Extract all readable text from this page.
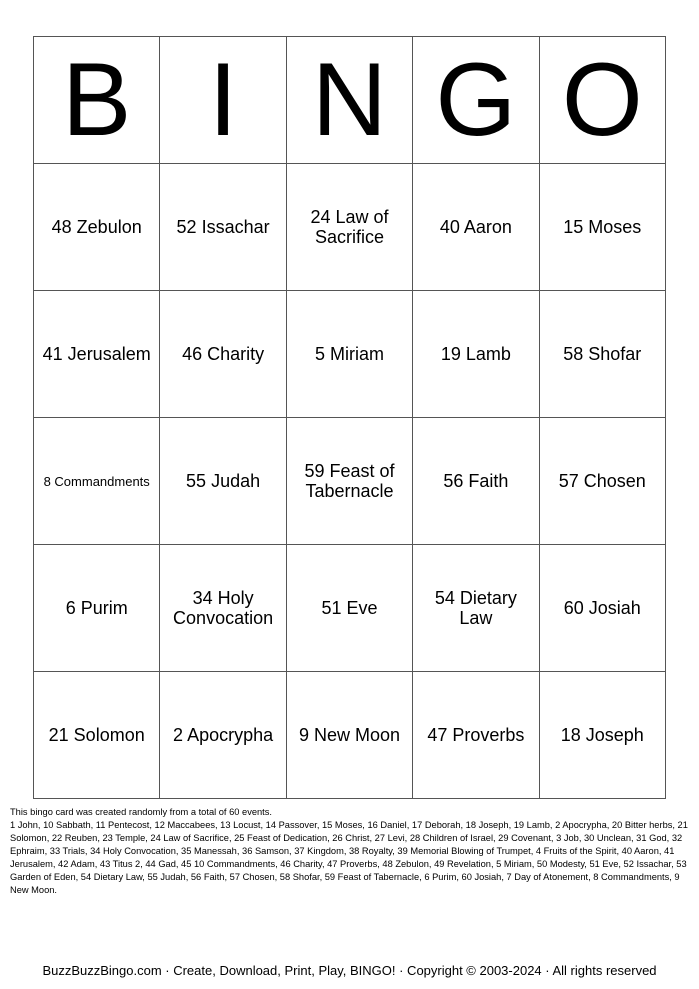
B	I	N	G	O
48 Zebulon	52 Issachar	24 Law of Sacrifice	40 Aaron	15 Moses
41 Jerusalem	46 Charity	5 Miriam	19 Lamb	58 Shofar
8 Commandments	55 Judah	59 Feast of Tabernacle	56 Faith	57 Chosen
6 Purim	34 Holy Convocation	51 Eve	54 Dietary Law	60 Josiah
21 Solomon	2 Apocrypha	9 New Moon	47 Proverbs	18 Joseph
This bingo card was created randomly from a total of 60 events.
1 John, 10 Sabbath, 11 Pentecost, 12 Maccabees, 13 Locust, 14 Passover, 15 Moses, 16 Daniel, 17 Deborah, 18 Joseph, 19 Lamb, 2 Apocrypha, 20 Bitter herbs, 21 Solomon, 22 Reuben, 23 Temple, 24 Law of Sacrifice, 25 Feast of Dedication, 26 Christ, 27 Levi, 28 Children of Israel, 29 Covenant, 3 Job, 30 Unclean, 31 God, 32 Ephraim, 33 Trials, 34 Holy Convocation, 35 Manessah, 36 Samson, 37 Kingdom, 38 Royalty, 39 Memorial Blowing of Trumpet, 4 Fruits of the Spirit, 40 Aaron, 41 Jerusalem, 42 Adam, 43 Titus 2, 44 Gad, 45 10 Commandments, 46 Charity, 47 Proverbs, 48 Zebulon, 49 Revelation, 5 Miriam, 50 Modesty, 51 Eve, 52 Issachar, 53 Garden of Eden, 54 Dietary Law, 55 Judah, 56 Faith, 57 Chosen, 58 Shofar, 59 Feast of Tabernacle, 6 Purim, 60 Josiah, 7 Day of Atonement, 8 Commandments, 9 New Moon.
BuzzBuzzBingo.com · Create, Download, Print, Play, BINGO! · Copyright © 2003-2024 · All rights reserved
